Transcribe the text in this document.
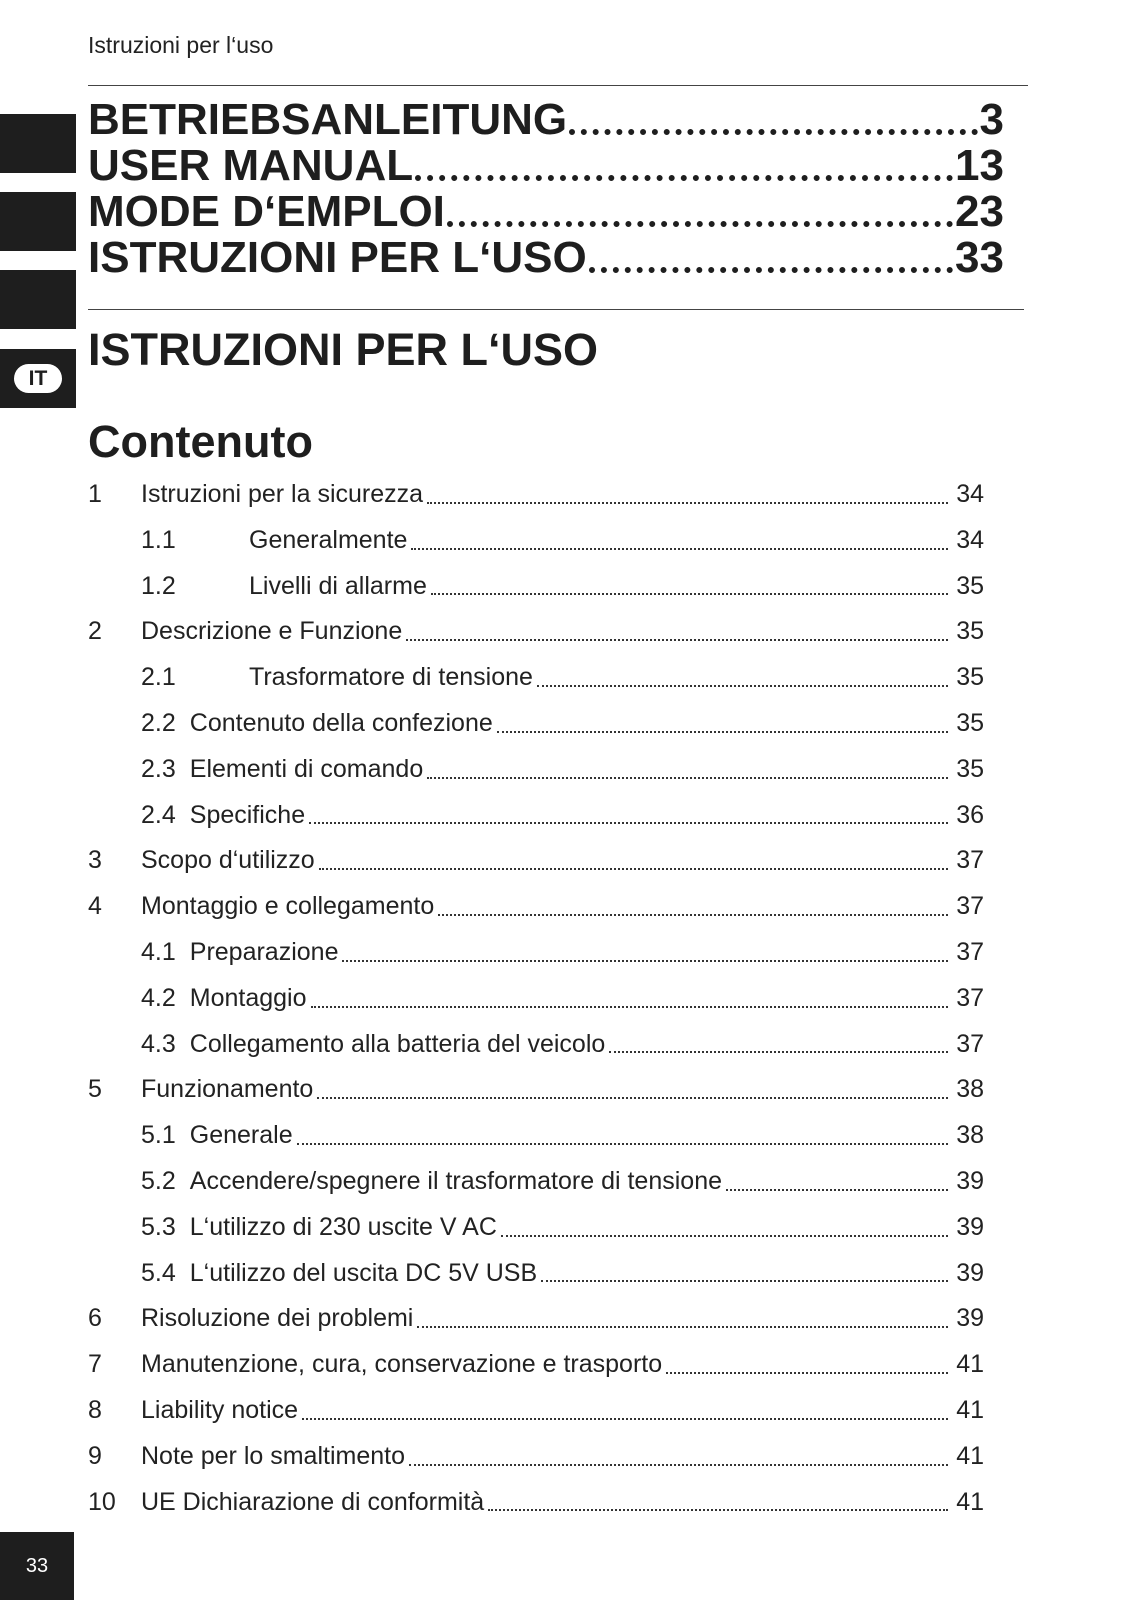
Istruzioni per l‘uso
IT
BETRIEBSANLEITUNG	3
USER MANUAL	13
MODE D‘EMPLOI	23
ISTRUZIONI PER L‘USO	33
ISTRUZIONI PER L‘USO
Contenuto
1	Istruzioni per la sicurezza	34
1.1	Generalmente	34
1.2	Livelli di allarme	35
2	Descrizione e Funzione	35
2.1	Trasformatore di tensione	35
2.2 Contenuto della confezione	35
2.3 Elementi di comando	35
2.4 Specifiche	36
3	Scopo d‘utilizzo	37
4	Montaggio e collegamento	37
4.1 Preparazione	37
4.2 Montaggio	37
4.3 Collegamento alla batteria del veicolo	37
5	Funzionamento	38
5.1 Generale	38
5.2 Accendere/spegnere il trasformatore di tensione	39
5.3 L‘utilizzo di 230 uscite V AC	39
5.4 L‘utilizzo del uscita DC 5V USB	39
6	Risoluzione dei problemi	39
7	Manutenzione, cura, conservazione e trasporto	41
8	Liability notice	41
9	Note per lo smaltimento	41
10	UE Dichiarazione di conformità	41
33
